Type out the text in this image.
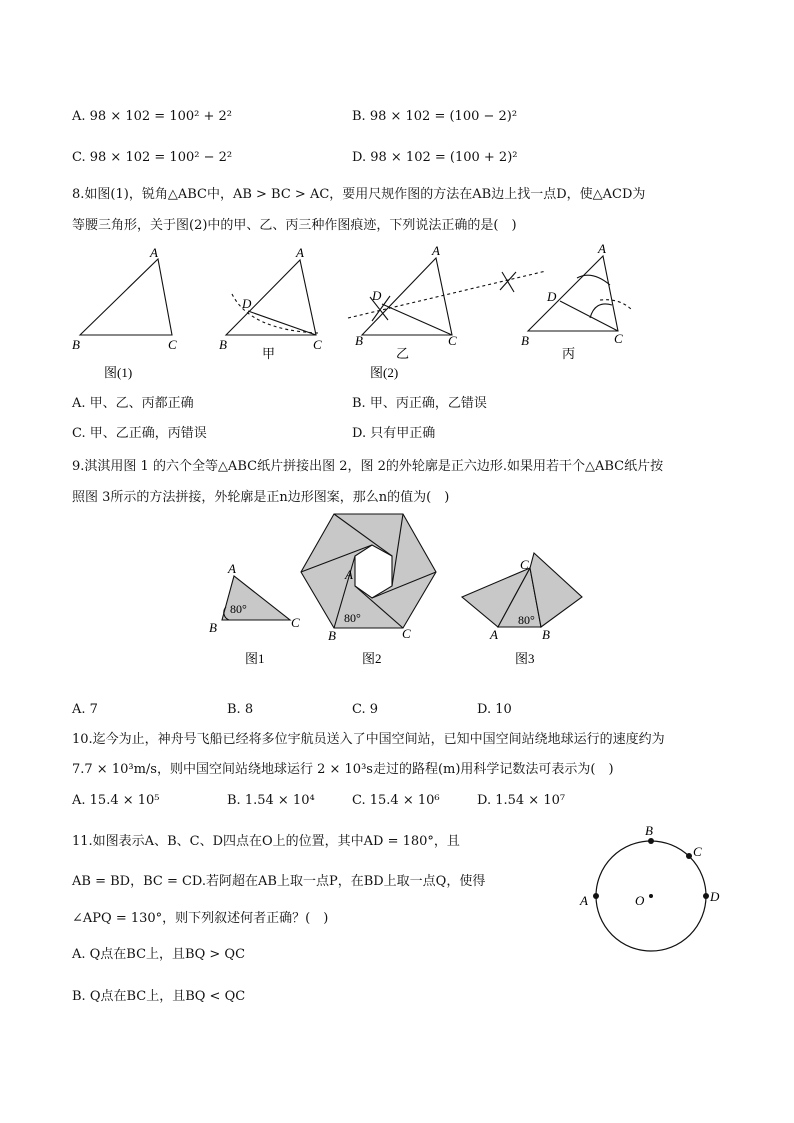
A. 98 × 102 = 100² + 2²	B. 98 × 102 = (100 − 2)²
C. 98 × 102 = 100² − 2²	D. 98 × 102 = (100 + 2)²
8.如图(1)，锐角△ABC中，AB > BC > AC，要用尺规作图的方法在AB边上找一点D，使△ACD为
等腰三角形，关于图(2)中的甲、乙、丙三种作图痕迹，下列说法正确的是(　)
A
B	C
图(1)
A
D
B	C
甲
A
D
B	C
乙
图(2)
A
D
B	C
丙
A
B	C
80°
图1
A
B	C
80°
图2
C
A	B
80°
图3
A
B
C
D
O
A. 甲、乙、丙都正确	B. 甲、丙正确，乙错误
C. 甲、乙正确，丙错误	D. 只有甲正确
9.淇淇用图 1 的六个全等△ABC纸片拼接出图 2，图 2的外轮廓是正六边形.如果用若干个△ABC纸片按
照图 3所示的方法拼接，外轮廓是正n边形图案，那么n的值为(　)
A. 7	B. 8	C. 9	D. 10
10.迄今为止，神舟号飞船已经将多位宇航员送入了中国空间站，已知中国空间站绕地球运行的速度约为
7.7 × 10³m/s，则中国空间站绕地球运行 2 × 10³s走过的路程(m)用科学记数法可表示为(　)
A. 15.4 × 10⁵	B. 1.54 × 10⁴	C. 15.4 × 10⁶	D. 1.54 × 10⁷
11.如图表示A、B、C、D四点在O上的位置，其中AD = 180°，且
AB = BD，BC = CD.若阿超在AB上取一点P，在BD上取一点Q，使得
∠APQ = 130°，则下列叙述何者正确？(　)
A. Q点在BC上，且BQ > QC
B. Q点在BC上，且BQ < QC
